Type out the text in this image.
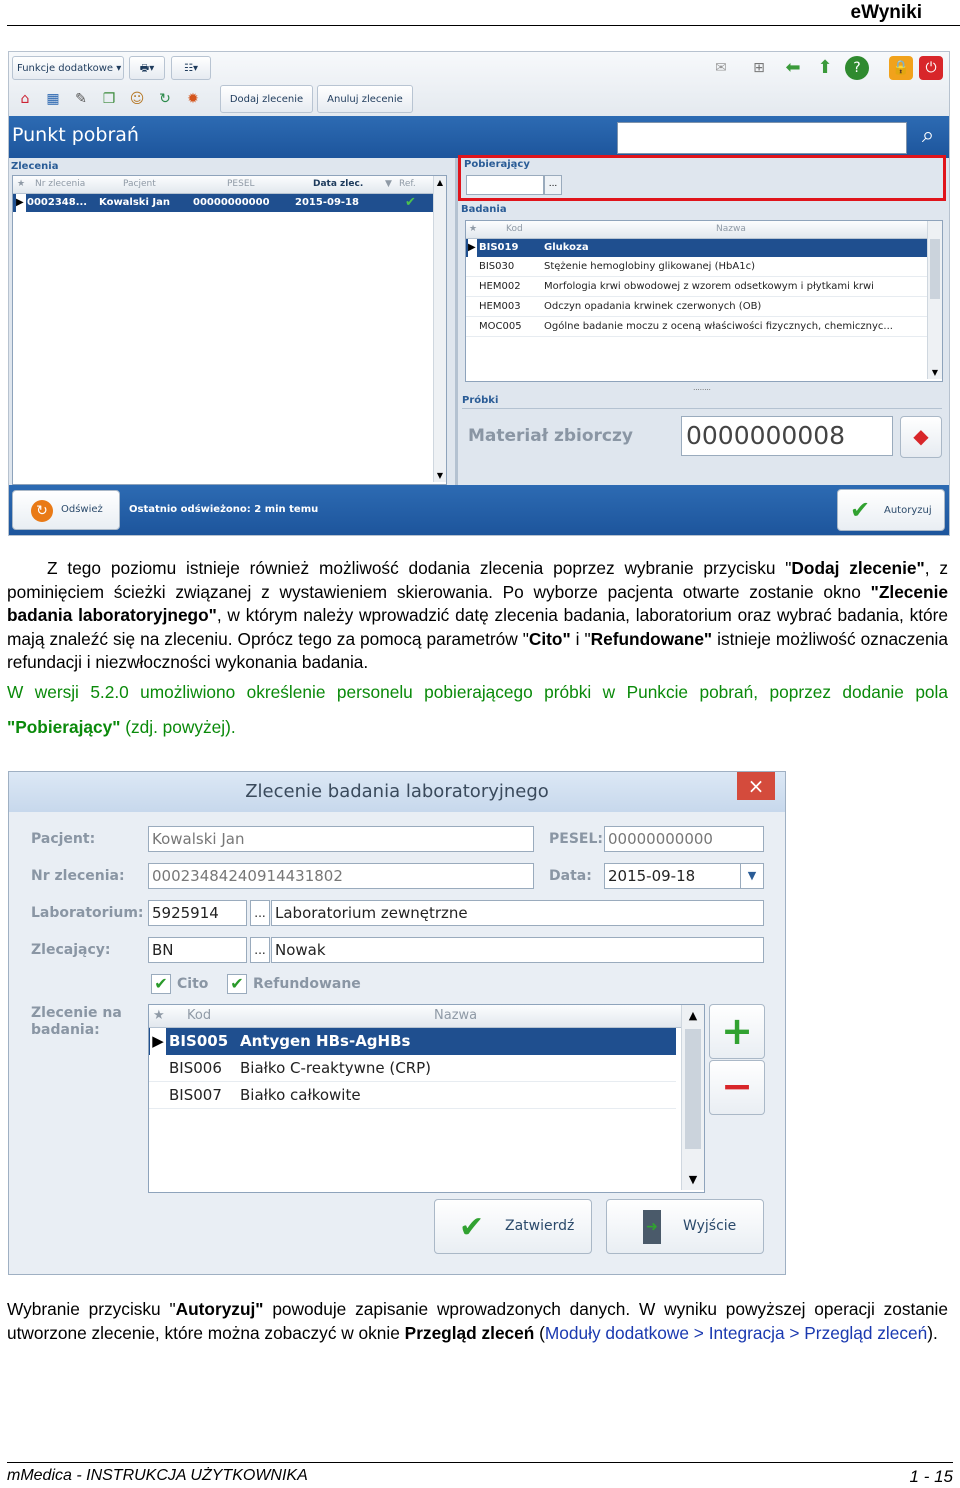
eWyniki
Funkcje dodatkowe ▾	🖶▾	☷▾
⌂	▦	✎	❐	☺	↻	✹	Dodaj zlecenie	Anuluj zlecenie
✉	⊞	⬅ ⬆	?	🔒	⏻
Punkt pobrań	⌕
Zlecenia
★ Nr zlecenia	Pacjent	PESEL	Data zlec. ▼ Ref.
▶ 0002348...	Kowalski Jan	00000000000	2015-09-18	✔
▲
▼
Pobierający
...
Badania
★	Kod	Nazwa
▶ BIS019	Glukoza
BIS030	Stężenie hemoglobiny glikowanej (HbA1c)
HEM002 Morfologia krwi obwodowej z wzorem odsetkowym i płytkami krwi
HEM003 Odczyn opadania krwinek czerwonych (OB)
MOC005 Ogólne badanie moczu z oceną właściwości fizycznych, chemicznyc...
▼
········
Próbki
Materiał zbiorczy 0000000008	◆
↻	Odśwież	Ostatnio odświeżono: 2 min temu	✔ Autoryzuj
Z tego poziomu istnieje również możliwość dodania zlecenia poprzez wybranie przycisku "Dodaj zlecenie", z pominięciem ścieżki związanej z wystawieniem skierowania. Po wyborze pacjenta otwarte zostanie okno "Zlecenie badania laboratoryjnego", w którym należy wprowadzić datę zlecenia badania, laboratorium oraz wybrać badania, które mają znaleźć się na zleceniu. Oprócz tego za pomocą parametrów "Cito" i "Refundowane" istnieje możliwość oznaczenia refundacji i niezwłoczności wykonania badania.
W wersji 5.2.0 umożliwiono określenie personelu pobierającego próbki w Punkcie pobrań, poprzez dodanie pola "Pobierający" (zdj. powyżej).
Zlecenie badania laboratoryjnego	×
Pacjent:	Kowalski Jan	PESEL: 00000000000
Nr zlecenia: 00023484240914431802	Data: 2015-09-18	▼
Laboratorium: 5925914	... Laboratorium zewnętrzne
Zlecający:	BN	... Nowak
✔ Cito ✔ Refundowane
Zlecenie na badania:
★ Kod	Nazwa
▶ BIS005 Antygen HBs-AgHBs
BIS006 Białko C-reaktywne (CRP)
BIS007 Białko całkowite
▲
▼
+
−
✔ Zatwierdź	➜ Wyjście
Wybranie przycisku "Autoryzuj" powoduje zapisanie wprowadzonych danych. W wyniku powyższej operacji zostanie utworzone zlecenie, które można zobaczyć w oknie Przegląd zleceń (Moduły dodatkowe > Integracja > Przegląd zleceń).
mMedica - INSTRUKCJA UŻYTKOWNIKA	1 - 15
